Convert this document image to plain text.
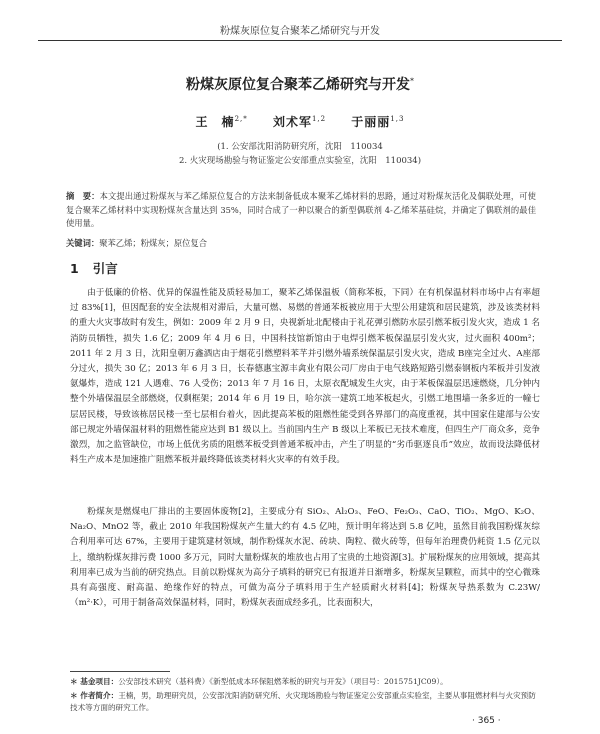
粉煤灰原位复合聚苯乙烯研究与开发
粉煤灰原位复合聚苯乙烯研究与开发*
王　楠$^{2,*}$ 刘术军$^{1,2}$ 于丽丽$^{1,3}$
(1. 公安部沈阳消防研究所，沈阳　110034
2. 火灾现场勘验与物证鉴定公安部重点实验室，沈阳　110034)
摘　要：本文提出通过粉煤灰与苯乙烯原位复合的方法来制备低成本聚苯乙烯材料的思路，通过对粉煤灰活化及偶联处理，可使复合聚苯乙烯材料中实现粉煤灰含量达到 35%，同时合成了一种以聚合的新型偶联剂 4-乙烯苯基硅烷，并确定了偶联剂的最佳使用量。
关键词：聚苯乙烯；粉煤灰；原位复合
1 引言

由于低廉的价格、优异的保温性能及质轻易加工，聚苯乙烯保温板（简称苯板，下同）在有机保温材料市场中占有率超过 83%[1]，但因配套的安全法规相对滞后，大量可燃、易燃的普通苯板被应用于大型公用建筑和居民建筑，涉及该类材料的重大火灾事故时有发生，例如：2009 年 2 月 9 日，央视新址北配楼由于礼花弹引燃防水层引燃苯板引发火灾，造成 1 名消防员牺牲，损失 1.6 亿；2009 年 4 月 6 日，中国科技馆新馆由于电焊引燃苯板保温层引发火灾，过火面积 400m²；2011 年 2 月 3 日，沈阳皇朝万鑫酒店由于烟花引燃塑料苯芊并引燃外墙系统保温层引发火灾，造成 B座完全过火、A座部分过火，损失 30 亿；2013 年 6 月 3 日，长春德惠宝源丰禽业有限公司厂房由于电气线路短路引燃泰钢板内苯板并引发液氨爆炸，造成 121 人遇难、76 人受伤；2013 年 7 月 16 日，太原衣配城发生火灾，由于苯板保温层迅速燃烧，几分钟内整个外墙保温层全部燃烧，仅剩框架；2014 年 6 月 19 日，哈尔滨一建筑工地苯板起火，引燃工地围墙一条多近的一幢七层居民楼，导致该栋居民楼一至七层相台着火，因此提高苯板的阻燃性能受到各界部门的高度重视，其中国家住建部与公安部已规定外墙保温材料的阻燃性能应达到 B1 级以上。当前国内生产 B 级以上苯板已无技术难度，但四生产厂商众多，竞争激烈，加之监管缺位，市场上低优劣质的阻燃苯板受到普通苯板冲击，产生了明显的“劣币驱逐良币”效应，故而设法降低材料生产成本是加速推广阻燃苯板并最终降低该类材料火灾率的有效手段。

粉煤灰是燃煤电厂排出的主要固体废物[2]，主要成分有 SiO₂、Al₂O₃、FeO、Fe₂O₃、CaO、TiO₂、MgO、K₂O、Na₂O、MnO2 等，截止 2010 年我国粉煤灰产生量大约有 4.5 亿吨，预计明年将达到 5.8 亿吨，虽然目前我国粉煤灰综合利用率可达 67%，主要用于建筑建材领域，制作粉煤灰水泥、砖块、陶粒、微火砖等，但每年治理费仍耗资 1.5 亿元以上，缴纳粉煤灰排污费 1000 多万元，同时大量粉煤灰的堆放也占用了宝贵的土地资源[3]。扩展粉煤灰的应用领域，提高其利用率已成为当前的研究热点。目前以粉煤灰为高分子填料的研究已有报道并日渐增多，粉煤灰呈颗粒，而其中的空心微珠具有高强度、耐高温、绝缘作好的特点，可做为高分子填料用于生产轻质耐火材料[4]；粉煤灰导热系数为 C.23W/（m²·K），可用于制备高效保温材料，同时，粉煤灰表面成经多孔，比表面积大，

＊ 基金项目：公安部技术研究（基科费）《新型低成本环保阻燃苯板的研究与开发》（项目号：2015751JC09）。
＊ 作者简介：王楠，男，助理研究员，公安部沈阳消防研究所、火灾现场勘验与物证鉴定公安部重点实验室，主要从事阻燃材料与火灾预防技术等方面的研究工作。
· 365 ·
